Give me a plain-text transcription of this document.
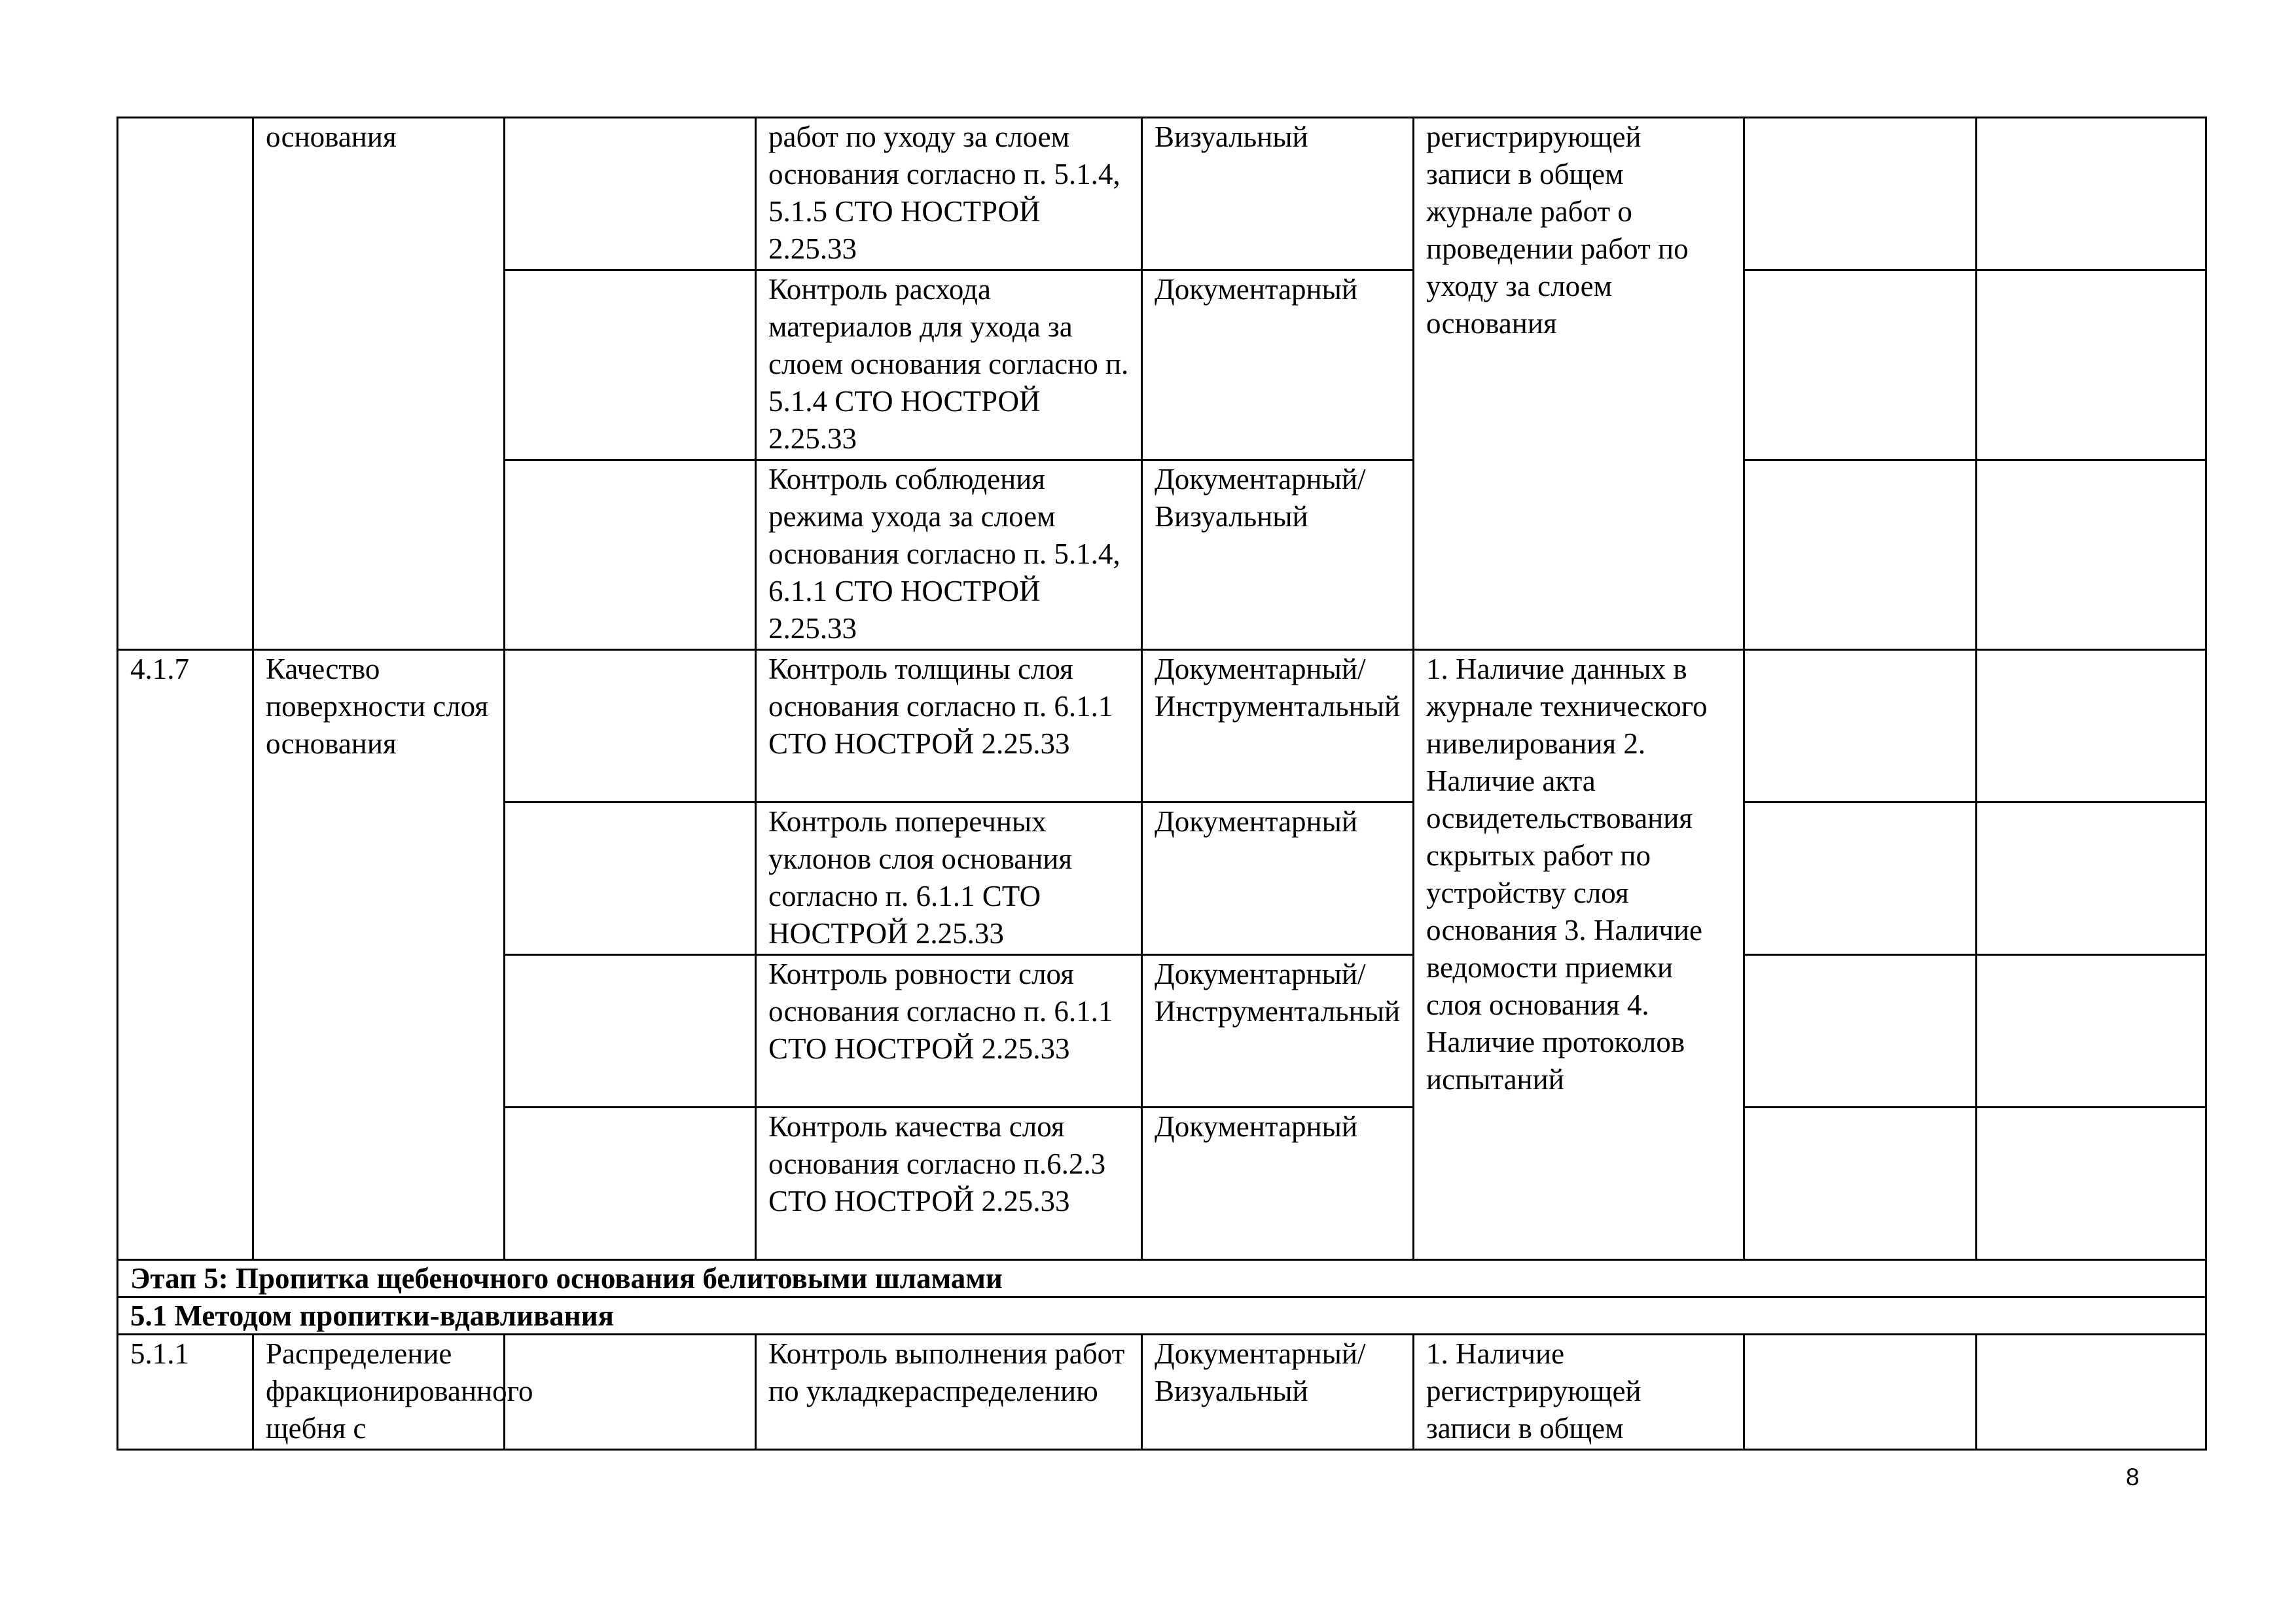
	основания		работ по уходу за слоем основания согласно п. 5.1.4, 5.1.5 СТО НОСТРОЙ 2.25.33	Визуальный	регистрирующей записи в общем журнале работ о проведении работ по уходу за слоем основания		
			Контроль расхода материалов для ухода за слоем основания согласно п. 5.1.4 СТО НОСТРОЙ 2.25.33	Документарный			
			Контроль соблюдения режима ухода за слоем основания согласно п. 5.1.4, 6.1.1 СТО НОСТРОЙ 2.25.33	Документарный/ Визуальный			
4.1.7	Качество поверхности слоя основания		Контроль толщины слоя основания согласно п. 6.1.1 СТО НОСТРОЙ 2.25.33	Документарный/ Инструментальный	1. Наличие данных в журнале технического нивелирования 2. Наличие акта освидетельствования скрытых работ по устройству слоя основания 3. Наличие ведомости приемки слоя основания 4. Наличие протоколов испытаний		
			Контроль поперечных уклонов слоя основания согласно п. 6.1.1 СТО НОСТРОЙ 2.25.33	Документарный			
			Контроль ровности слоя основания согласно п. 6.1.1 СТО НОСТРОЙ 2.25.33	Документарный/ Инструментальный			
			Контроль качества слоя основания согласно п.6.2.3 СТО НОСТРОЙ 2.25.33	Документарный			
Этап 5: Пропитка щебеночного основания белитовыми шламами							
5.1 Методом пропитки-вдавливания							
5.1.1	Распределение фракционированного щебня с		Контроль выполнения работ по укладкераспределению	Документарный/ Визуальный	1. Наличие регистрирующей записи в общем		
8
